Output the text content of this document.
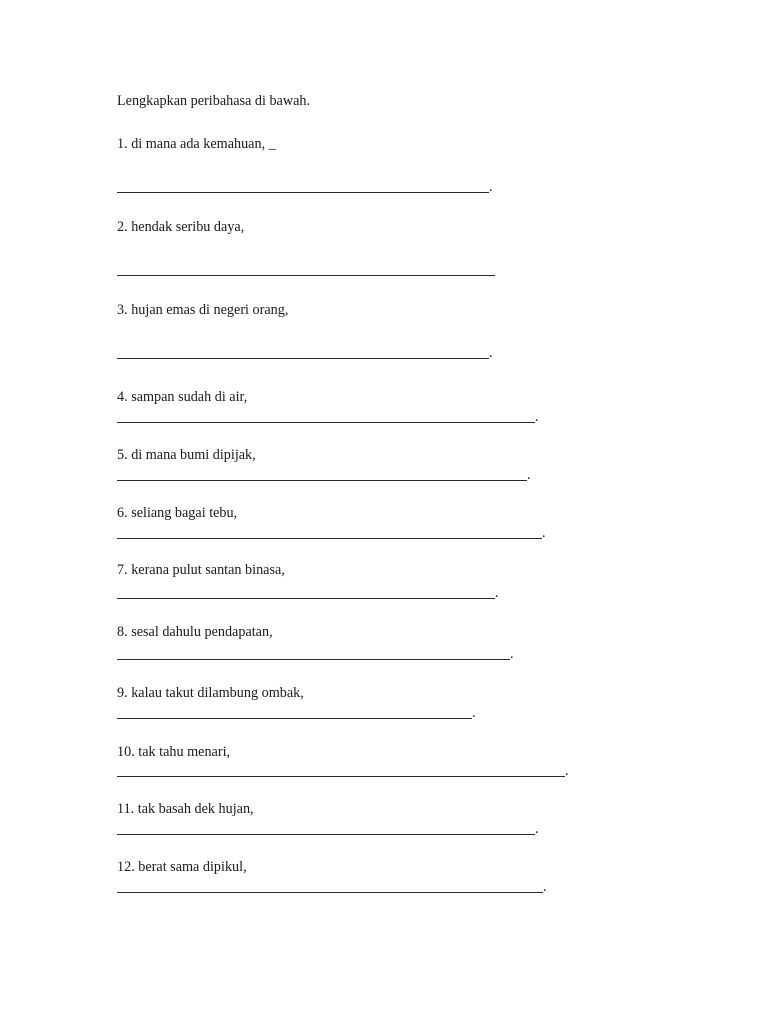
Lengkapkan peribahasa di bawah.
1. di mana ada kemahuan, _
.
2. hendak seribu daya,
3. hujan emas di negeri orang,
.
4. sampan sudah di air,
.
5. di mana bumi dipijak,
.
6. seliang bagai tebu,
.
7. kerana pulut santan binasa,
.
8. sesal dahulu pendapatan,
.
9. kalau takut dilambung ombak,
.
10. tak tahu menari,
.
11. tak basah dek hujan,
.
12. berat sama dipikul,
.
